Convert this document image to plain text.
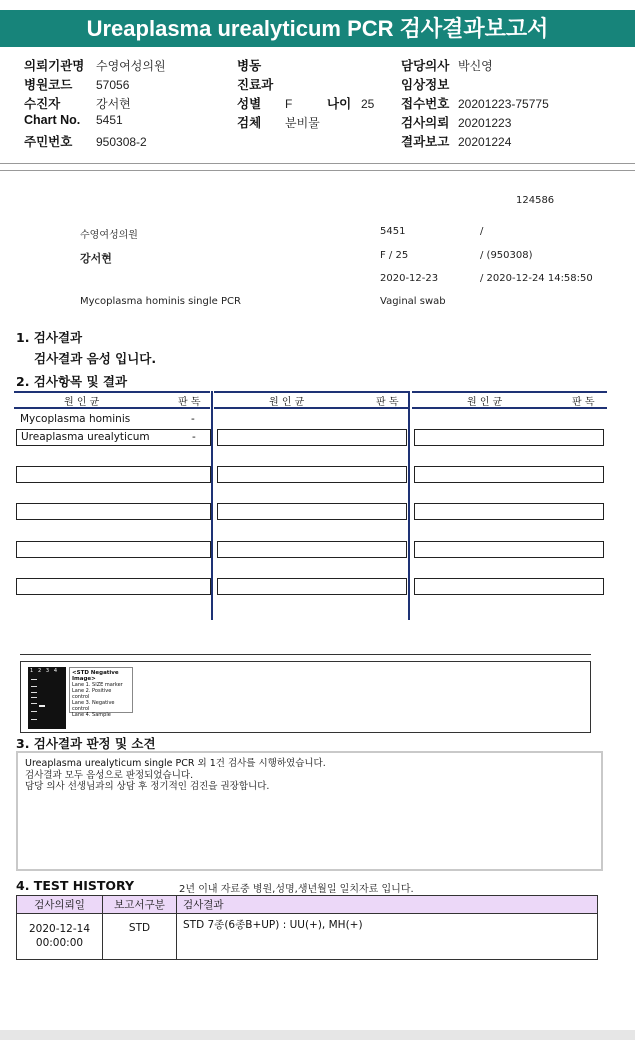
Ureaplasma urealyticum PCR 검사결과보고서
의뢰기관명 수영여성의원
병원코드 57056
수진자	강서현
Chart No. 5451
주민번호 950308-2
병동
진료과
성별 F	나이 25
검체 분비물
담당의사 박신영
임상정보
접수번호 20201223-75775
검사의뢰 20201223
결과보고 20201224
124586
수영여성의원	5451	/
강서현	F / 25	/ (950308)
2020-12-23	/ 2020-12-24 14:58:50
Mycoplasma hominis single PCR	Vaginal swab
1. 검사결과
검사결과 음성 입니다.
2. 검사항목 및 결과
원 인 균	판 독	원 인 균	판 독	원 인 균	판 독
Mycoplasma hominis	-
Ureaplasma urealyticum	-
1   2   3   4	<STD Negative Image>
Lane 1. SIZE marker
Lane 2. Positive control
Lane 3. Negative control
Lane 4. Sample
3. 검사결과 판정 및 소견
Ureaplasma urealyticum single PCR 외 1건 검사를 시행하였습니다.
검사결과 모두 음성으로 판정되었습니다.
담당 의사 선생님과의 상담 후 정기적인 검진을 권장합니다.
4. TEST HISTORY	2년 이내 자료중 병원,성명,생년월일 일치자료 입니다.
검사의뢰일	보고서구분	검사결과

2020-12-14
00:00:00	STD	STD 7종(6종B+UP) : UU(+), MH(+)
